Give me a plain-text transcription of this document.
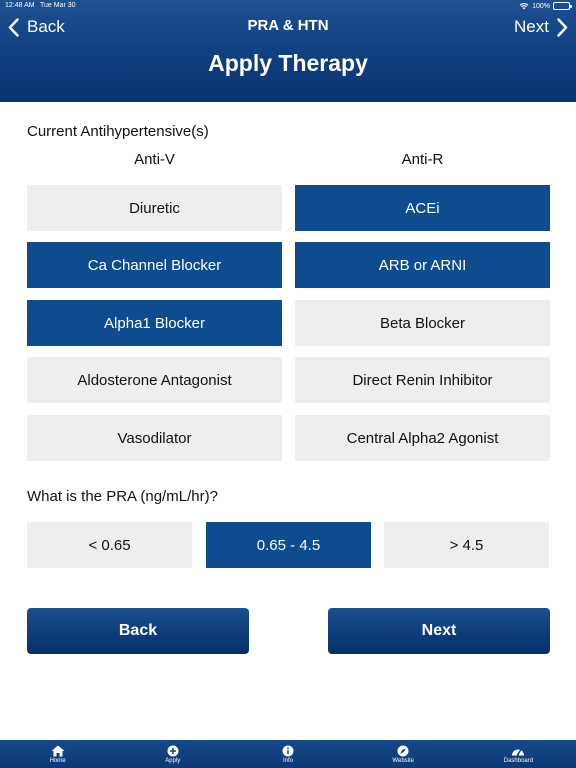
12:48 AM Tue Mar 30	100%
Back	PRA & HTN	Next
Apply Therapy
Current Antihypertensive(s)
Anti-V	Anti-R
Diuretic	ACEi
Ca Channel Blocker	ARB or ARNI
Alpha1 Blocker	Beta Blocker
Aldosterone Antagonist	Direct Renin Inhibitor
Vasodilator	Central Alpha2 Agonist
What is the PRA (ng/mL/hr)?
< 0.65	0.65 - 4.5	> 4.5
Back	Next
Home	Apply	Info	Website	Dashboard
